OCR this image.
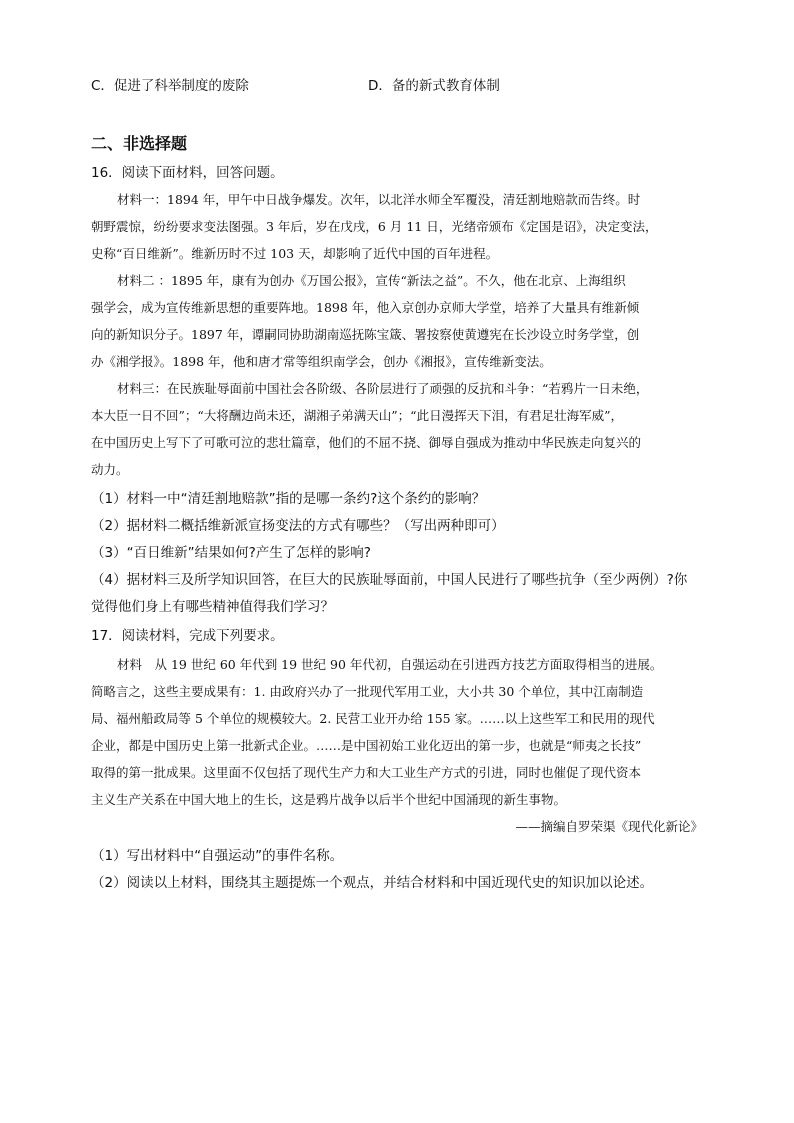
C．促进了科举制度的废除	D．备的新式教育体制
二、非选择题
16．阅读下面材料，回答问题。
材料一：1894 年，甲午中日战争爆发。次年，以北洋水师全军覆没，清廷割地赔款而告终。时
朝野震惊，纷纷要求变法图强。3 年后，岁在戊戌，6 月 11 日，光绪帝颁布《定国是诏》，决定变法，
史称“百日维新”。维新历时不过 103 天，却影响了近代中国的百年进程。
材料二 ：1895 年，康有为创办《万国公报》，宣传“新法之益”。不久，他在北京、上海组织
强学会，成为宣传维新思想的重要阵地。1898 年，他入京创办京师大学堂，培养了大量具有维新倾
向的新知识分子。1897 年，谭嗣同协助湖南巡抚陈宝箴、署按察使黄遵宪在长沙设立时务学堂，创
办《湘学报》。1898 年，他和唐才常等组织南学会，创办《湘报》，宣传维新变法。
材料三：在民族耻辱面前中国社会各阶级、各阶层进行了顽强的反抗和斗争：“若鸦片一日未绝，
本大臣一日不回”；“大将酬边尚未还，湖湘子弟满天山”；“此日漫挥天下泪，有君足壮海军威”，
在中国历史上写下了可歌可泣的悲壮篇章，他们的不屈不挠、御辱自强成为推动中华民族走向复兴的
动力。
（1）材料一中“清廷割地赔款”指的是哪一条约?这个条约的影响？
（2）据材料二概括维新派宣扬变法的方式有哪些？（写出两种即可）
（3）“百日维新”结果如何?产生了怎样的影响?
（4）据材料三及所学知识回答，在巨大的民族耻辱面前，中国人民进行了哪些抗争（至少两例）?你
觉得他们身上有哪些精神值得我们学习？
17．阅读材料，完成下列要求。
材料　从 19 世纪 60 年代到 19 世纪 90 年代初，自强运动在引进西方技艺方面取得相当的进展。
简略言之，这些主要成果有：1. 由政府兴办了一批现代军用工业，大小共 30 个单位，其中江南制造
局、福州船政局等 5 个单位的规模较大。2. 民营工业开办给 155 家。……以上这些军工和民用的现代
企业，都是中国历史上第一批新式企业。……是中国初始工业化迈出的第一步，也就是“师夷之长技”
取得的第一批成果。这里面不仅包括了现代生产力和大工业生产方式的引进，同时也催促了现代资本
主义生产关系在中国大地上的生长，这是鸦片战争以后半个世纪中国涌现的新生事物。
——摘编自罗荣渠《现代化新论》
（1）写出材料中“自强运动”的事件名称。
（2）阅读以上材料，围绕其主题提炼一个观点，并结合材料和中国近现代史的知识加以论述。
